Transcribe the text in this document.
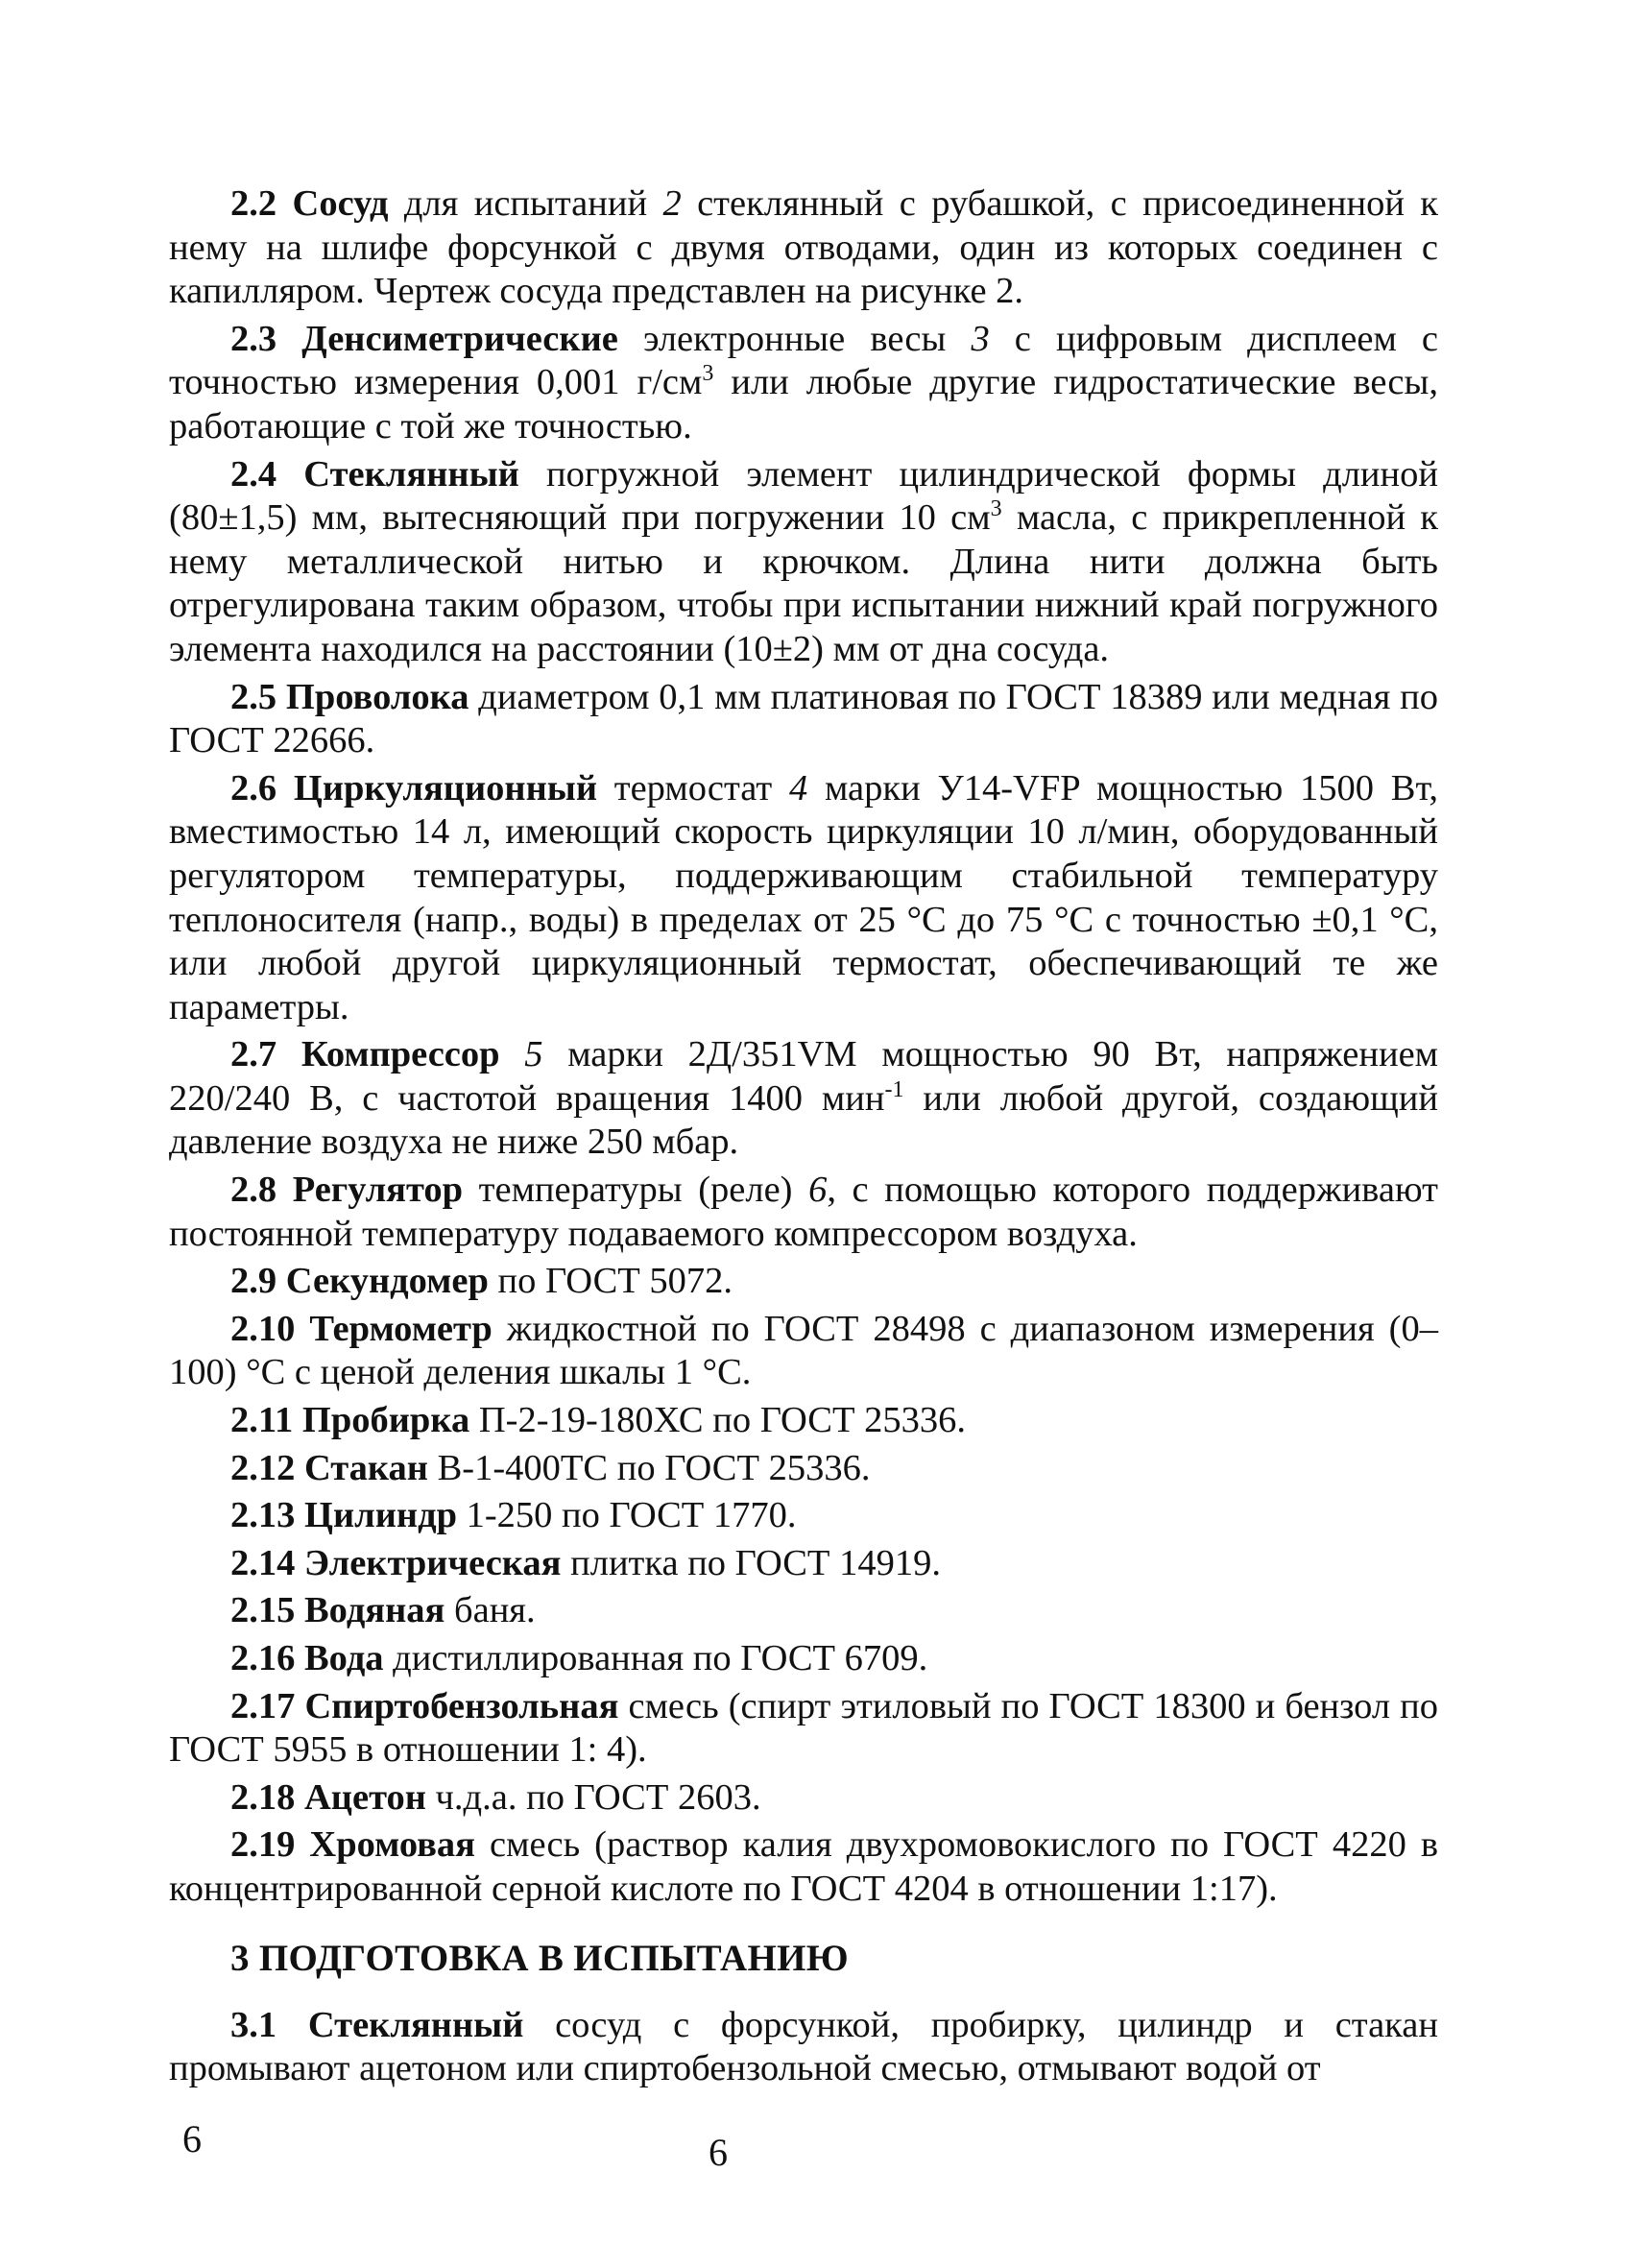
2.2 Сосуд для испытаний 2 стеклянный с рубашкой, с присоединенной к нему на шлифе форсункой с двумя отводами, один из которых соединен с капилляром. Чертеж сосуда представлен на рисунке 2.

2.3 Денсиметрические электронные весы 3 с цифровым дисплеем с точностью измерения 0,001 $г/см^3$ или любые другие гидростатические весы, работающие с той же точностью.

2.4 Стеклянный погружной элемент цилиндрической формы длиной (80±1,5) мм, вытесняющий при погружении 10 $см^3$ масла, с прикрепленной к нему металлической нитью и крючком. Длина нити должна быть отрегулирована таким образом, чтобы при испытании нижний край погружного элемента находился на расстоянии (10±2) мм от дна сосуда.

2.5 Проволока диаметром 0,1 мм платиновая по ГОСТ 18389 или медная по ГОСТ 22666.

2.6 Циркуляционный термостат 4 марки У14-VFP мощностью 1500 Вт, вместимостью 14 л, имеющий скорость циркуляции 10 л/мин, оборудованный регулятором температуры, поддерживающим стабильной температуру теплоносителя (напр., воды) в пределах от 25 °С до 75 °С с точностью ±0,1 °С, или любой другой циркуляционный термостат, обеспечивающий те же параметры.

2.7 Компрессор 5 марки 2Д/351VM мощностью 90 Вт, напряжением 220/240 В, с частотой вращения 1400 мин$^{-1}$ или любой другой, создающий давление воздуха не ниже 250 мбар.

2.8 Регулятор температуры (реле) 6, с помощью которого поддерживают постоянной температуру подаваемого компрессором воздуха.

2.9 Секундомер по ГОСТ 5072.

2.10 Термометр жидкостной по ГОСТ 28498 с диапазоном измерения (0–100) °С с ценой деления шкалы 1 °С.

2.11 Пробирка П-2-19-180ХС по ГОСТ 25336.

2.12 Стакан В-1-400ТС по ГОСТ 25336.

2.13 Цилиндр 1-250 по ГОСТ 1770.

2.14 Электрическая плитка по ГОСТ 14919.

2.15 Водяная баня.

2.16 Вода дистиллированная по ГОСТ 6709.

2.17 Спиртобензольная смесь (спирт этиловый по ГОСТ 18300 и бензол по ГОСТ 5955 в отношении 1: 4).

2.18 Ацетон ч.д.а. по ГОСТ 2603.

2.19 Хромовая смесь (раствор калия двухромовокислого по ГОСТ 4220 в концентрированной серной кислоте по ГОСТ 4204 в отношении 1:17).

3 ПОДГОТОВКА В ИСПЫТАНИЮ

3.1 Стеклянный сосуд с форсункой, пробирку, цилиндр и стакан промывают ацетоном или спиртобензольной смесью, отмывают водой от

6	6
